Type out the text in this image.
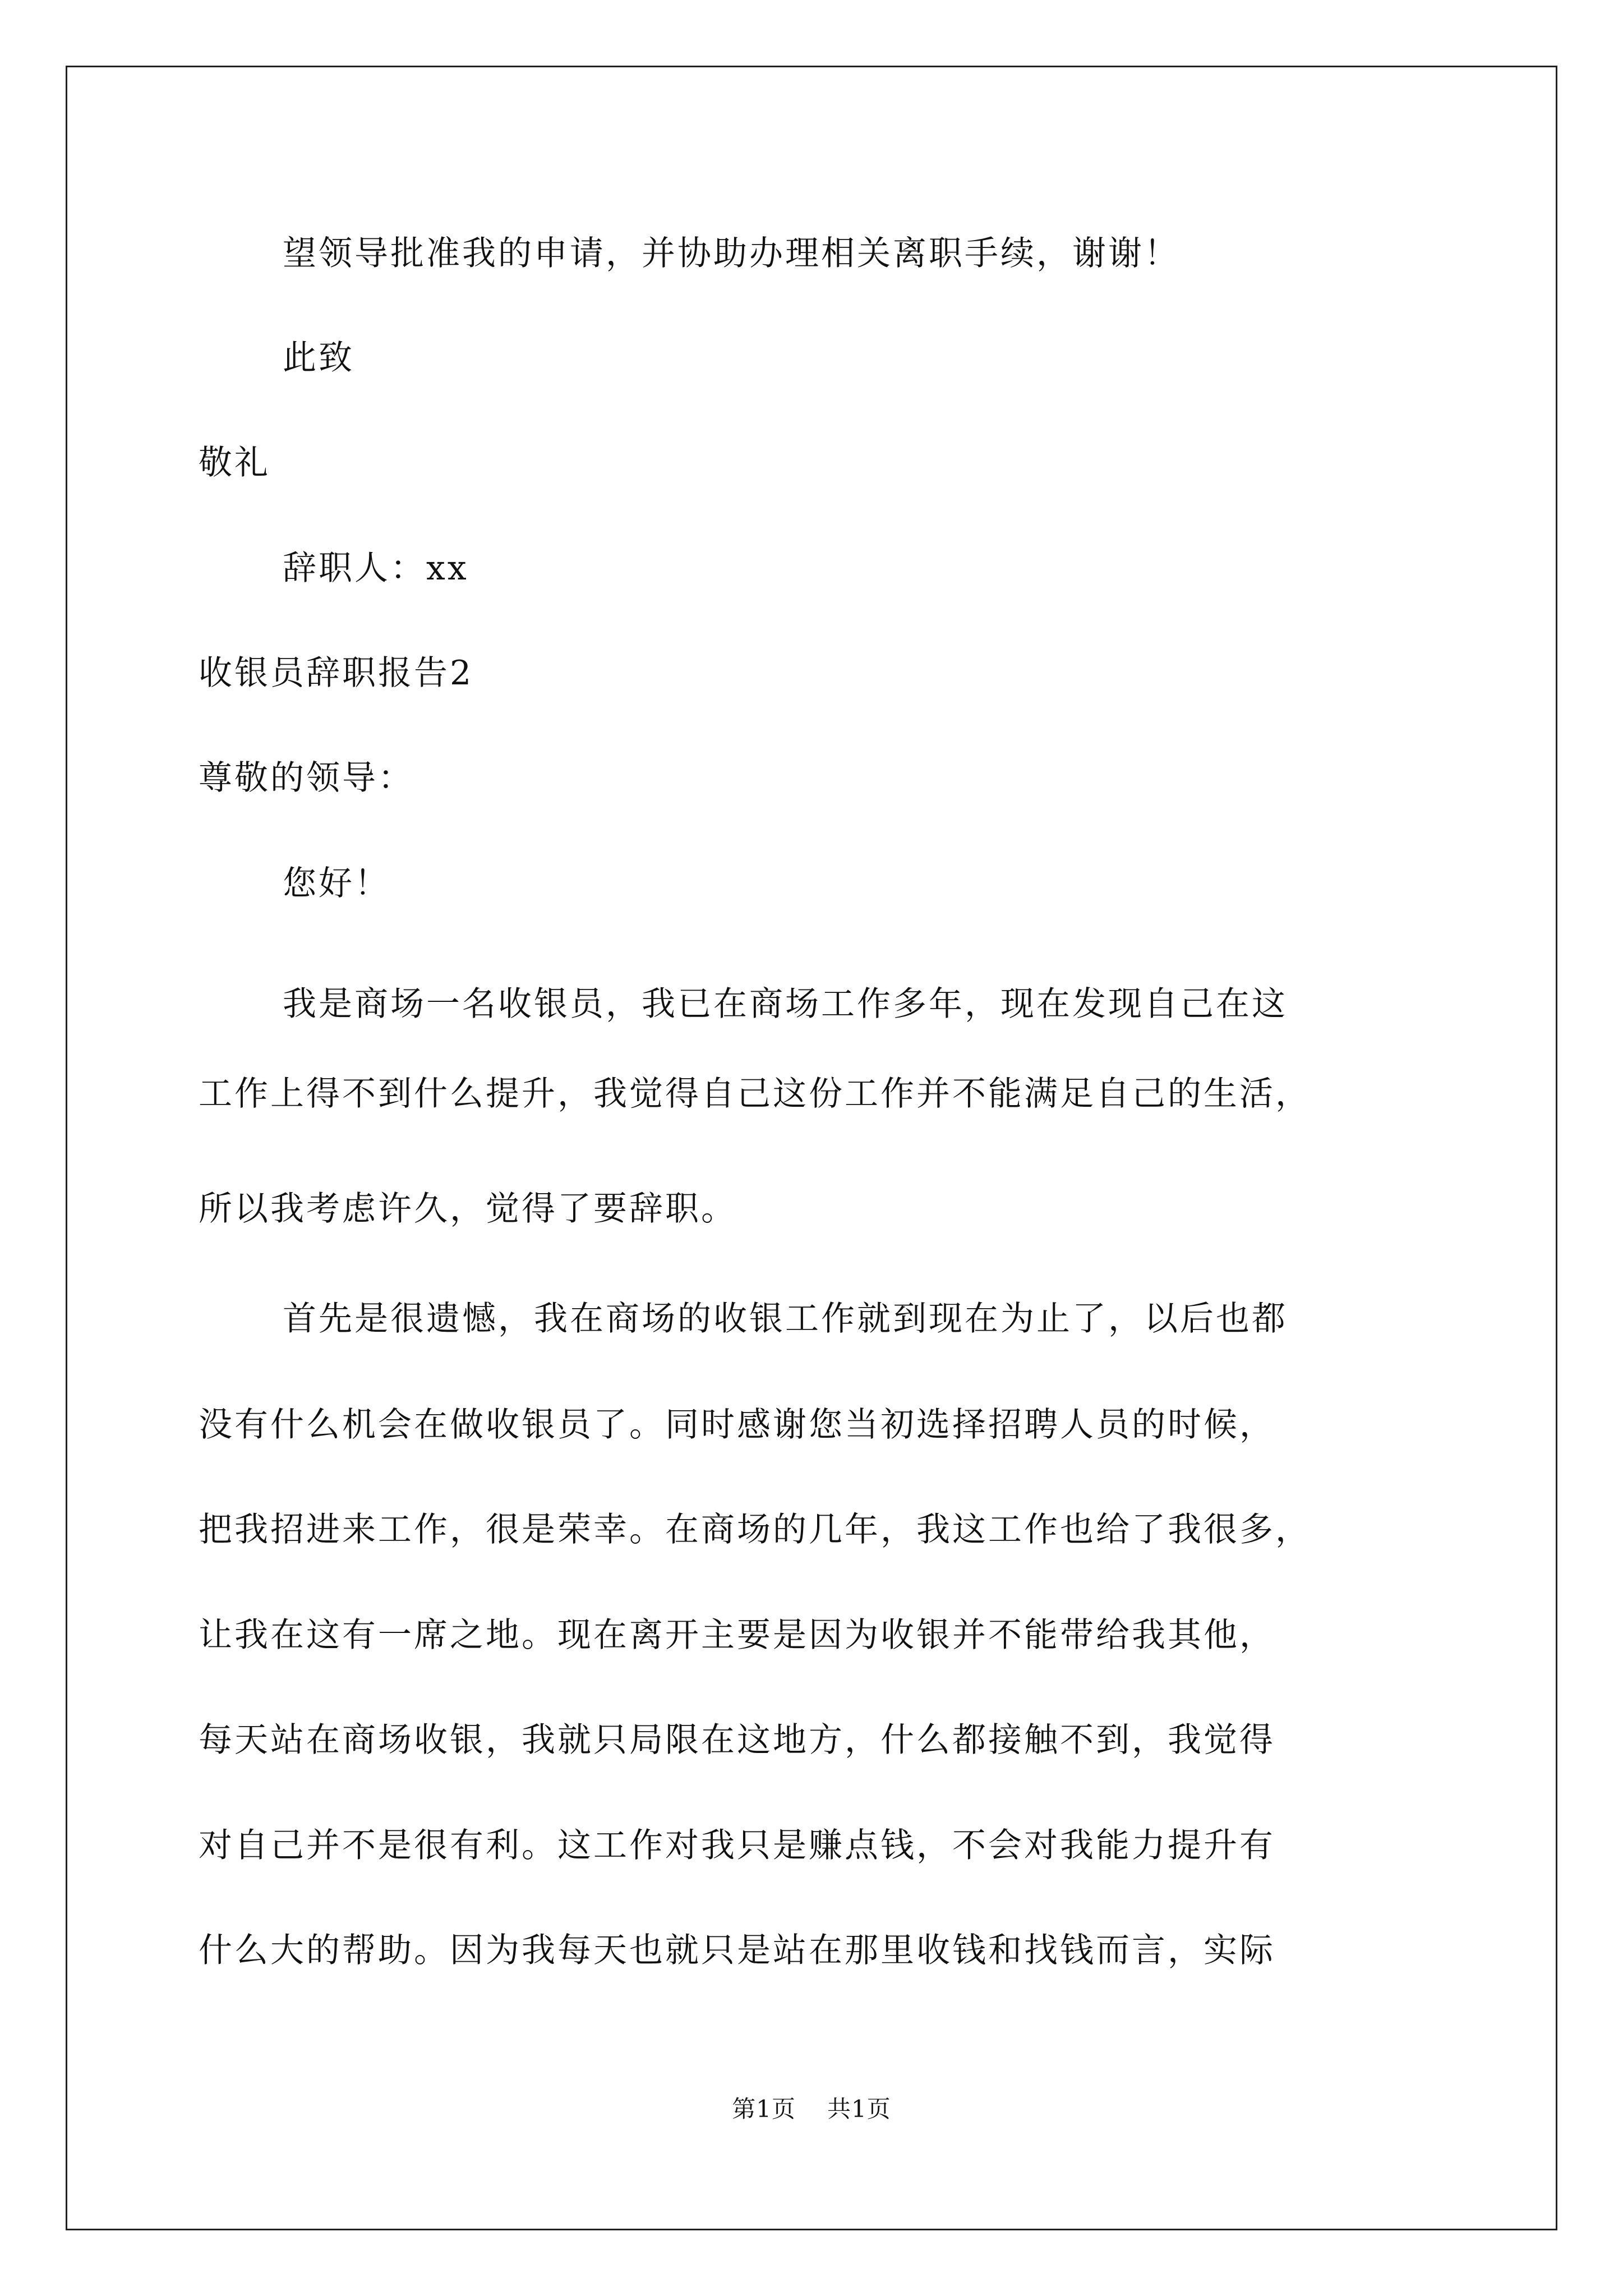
望领导批准我的申请，并协助办理相关离职手续，谢谢！
此致
敬礼
辞职人：xx
收银员辞职报告2
尊敬的领导：
您好！
我是商场一名收银员，我已在商场工作多年，现在发现自己在这
工作上得不到什么提升，我觉得自己这份工作并不能满足自己的生活，
所以我考虑许久，觉得了要辞职。
首先是很遗憾，我在商场的收银工作就到现在为止了，以后也都
没有什么机会在做收银员了。同时感谢您当初选择招聘人员的时候，
把我招进来工作，很是荣幸。在商场的几年，我这工作也给了我很多，
让我在这有一席之地。现在离开主要是因为收银并不能带给我其他，
每天站在商场收银，我就只局限在这地方，什么都接触不到，我觉得
对自己并不是很有利。这工作对我只是赚点钱，不会对我能力提升有
什么大的帮助。因为我每天也就只是站在那里收钱和找钱而言，实际
第1页 共1页
